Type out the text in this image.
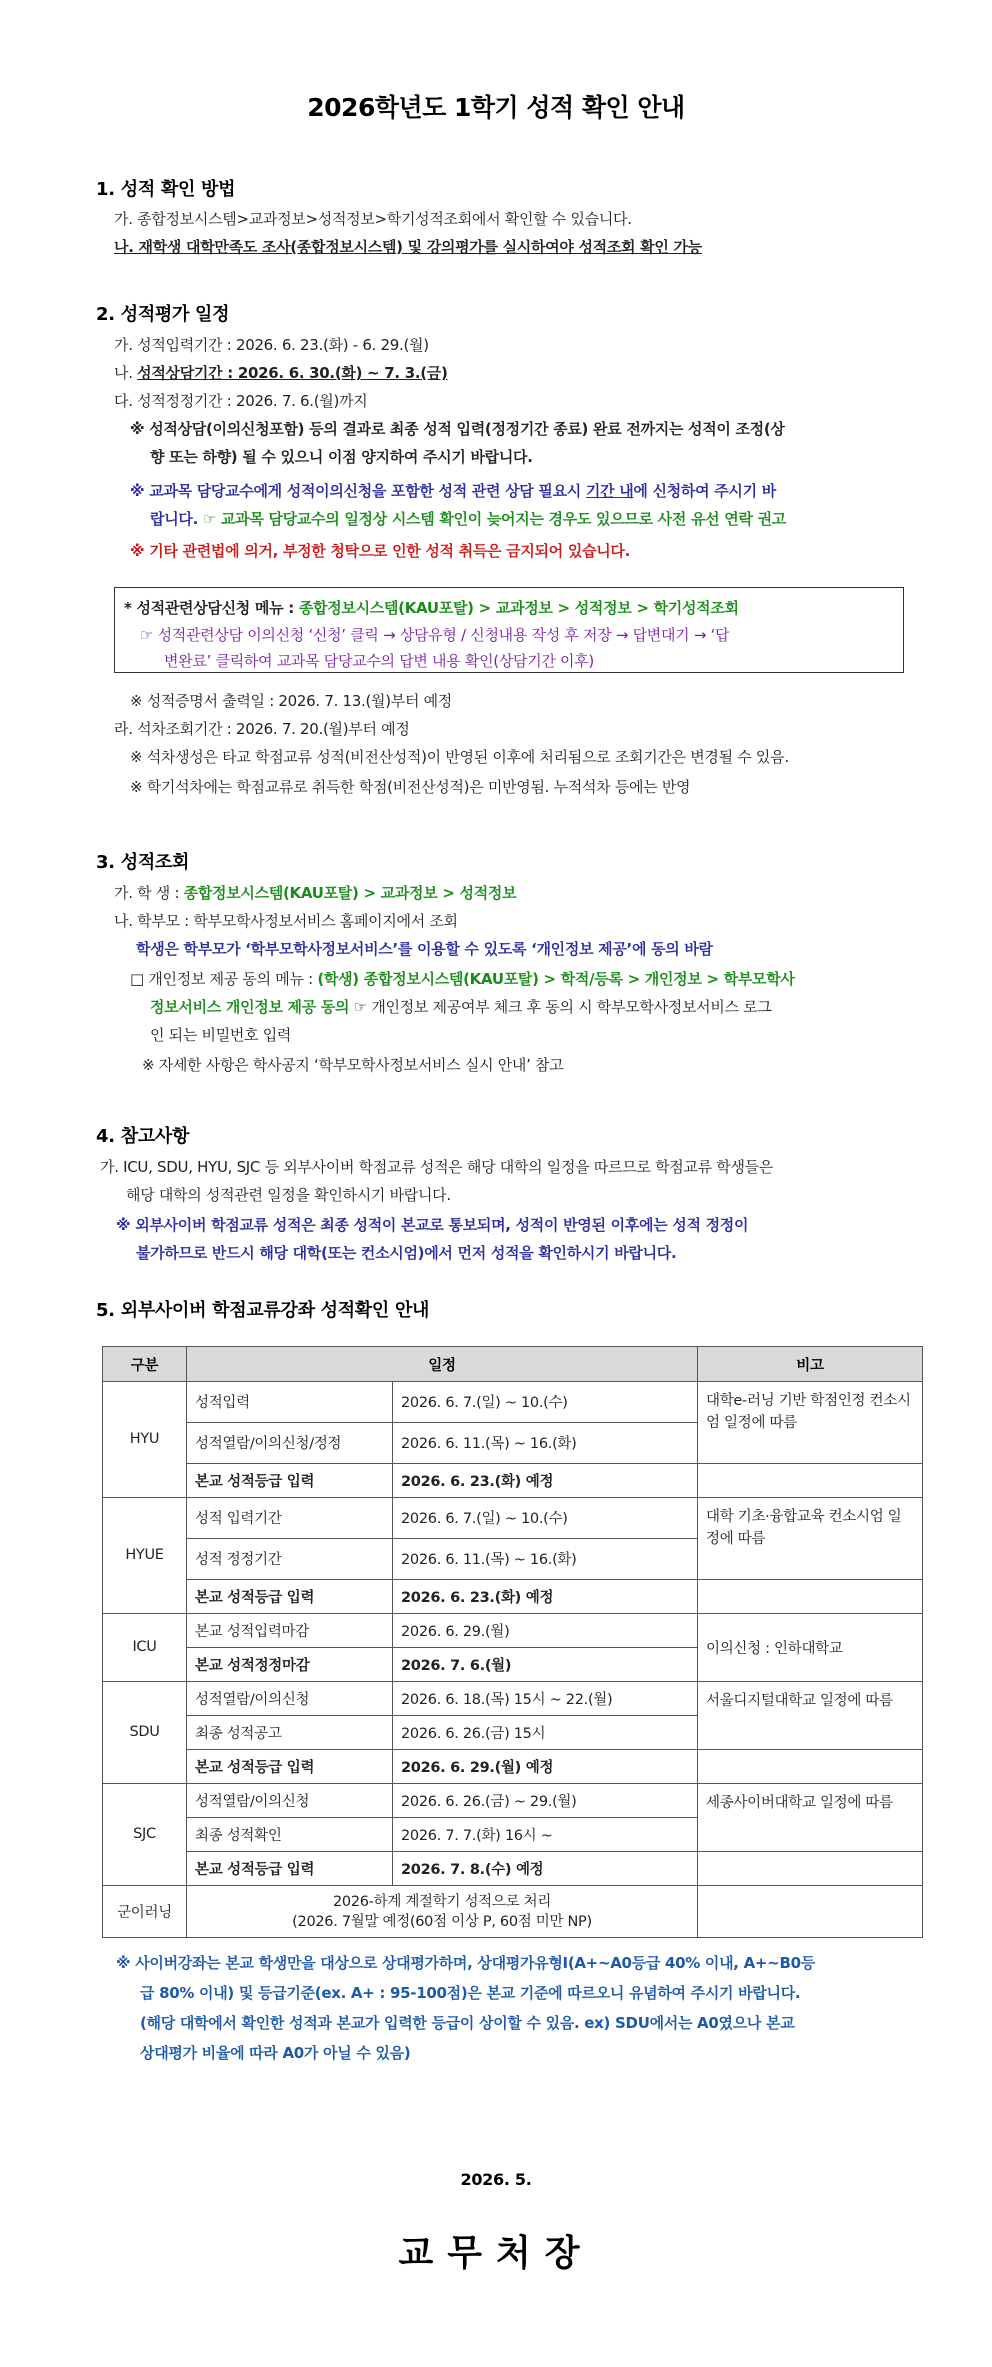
2026학년도 1학기 성적 확인 안내
1. 성적 확인 방법
가. 종합정보시스템>교과정보>성적정보>학기성적조회에서 확인할 수 있습니다.
나. 재학생 대학만족도 조사(종합정보시스템) 및 강의평가를 실시하여야 성적조회 확인 가능
2. 성적평가 일정
가. 성적입력기간 : 2026. 6. 23.(화) - 6. 29.(월)
나. 성적상담기간 : 2026. 6. 30.(화) ~ 7. 3.(금)
다. 성적정정기간 : 2026. 7. 6.(월)까지
※ 성적상담(이의신청포함) 등의 결과로 최종 성적 입력(정정기간 종료) 완료 전까지는 성적이 조정(상
향 또는 하향) 될 수 있으니 이점 양지하여 주시기 바랍니다.
※ 교과목 담당교수에게 성적이의신청을 포함한 성적 관련 상담 필요시 기간 내에 신청하여 주시기 바
랍니다. ☞ 교과목 담당교수의 일정상 시스템 확인이 늦어지는 경우도 있으므로 사전 유선 연락 권고
※ 기타 관련법에 의거, 부정한 청탁으로 인한 성적 취득은 금지되어 있습니다.
* 성적관련상담신청 메뉴 : 종합정보시스템(KAU포탈) > 교과정보 > 성적정보 > 학기성적조회
☞ 성적관련상담 이의신청 ‘신청’ 클릭 → 상담유형 / 신청내용 작성 후 저장 → 답변대기 → ‘답
변완료’ 클릭하여 교과목 담당교수의 답변 내용 확인(상담기간 이후)
※ 성적증명서 출력일 : 2026. 7. 13.(월)부터 예정
라. 석차조회기간 : 2026. 7. 20.(월)부터 예정
※ 석차생성은 타교 학점교류 성적(비전산성적)이 반영된 이후에 처리됨으로 조회기간은 변경될 수 있음.
※ 학기석차에는 학점교류로 취득한 학점(비전산성적)은 미반영됨. 누적석차 등에는 반영
3. 성적조회
가. 학 생 : 종합정보시스템(KAU포탈) > 교과정보 > 성적정보
나. 학부모 : 학부모학사정보서비스 홈페이지에서 조회
학생은 학부모가 ‘학부모학사정보서비스’를 이용할 수 있도록 ‘개인정보 제공’에 동의 바람
□ 개인정보 제공 동의 메뉴 : (학생) 종합정보시스템(KAU포탈) > 학적/등록 > 개인정보 > 학부모학사
정보서비스 개인정보 제공 동의 ☞ 개인정보 제공여부 체크 후 동의 시 학부모학사정보서비스 로그
인 되는 비밀번호 입력
※ 자세한 사항은 학사공지 ‘학부모학사정보서비스 실시 안내’ 참고
4. 참고사항
가. ICU, SDU, HYU, SJC 등 외부사이버 학점교류 성적은 해당 대학의 일정을 따르므로 학점교류 학생들은
해당 대학의 성적관련 일정을 확인하시기 바랍니다.
※ 외부사이버 학점교류 성적은 최종 성적이 본교로 통보되며, 성적이 반영된 이후에는 성적 정정이
불가하므로 반드시 해당 대학(또는 컨소시엄)에서 먼저 성적을 확인하시기 바랍니다.
5. 외부사이버 학점교류강좌 성적확인 안내
구분	일정		비고
HYU	성적입력	2026. 6. 7.(일) ~ 10.(수)	대학e-러닝 기반 학점인정 컨소시엄 일정에 따름
	성적열람/이의신청/정정	2026. 6. 11.(목) ~ 16.(화)	
	본교 성적등급 입력	2026. 6. 23.(화) 예정	
HYUE	성적 입력기간	2026. 6. 7.(일) ~ 10.(수)	대학 기초·융합교육 컨소시엄 일정에 따름
	성적 정정기간	2026. 6. 11.(목) ~ 16.(화)	
	본교 성적등급 입력	2026. 6. 23.(화) 예정	
ICU	본교 성적입력마감	2026. 6. 29.(월)	이의신청 : 인하대학교
	본교 성적정정마감	2026. 7. 6.(월)	
SDU	성적열람/이의신청	2026. 6. 18.(목) 15시 ~ 22.(월)	서울디지털대학교 일정에 따름
	최종 성적공고	2026. 6. 26.(금) 15시	
	본교 성적등급 입력	2026. 6. 29.(월) 예정	
SJC	성적열람/이의신청	2026. 6. 26.(금) ~ 29.(월)	세종사이버대학교 일정에 따름
	최종 성적확인	2026. 7. 7.(화) 16시 ~	
	본교 성적등급 입력	2026. 7. 8.(수) 예정	
군이러닝	2026-하계 계절학기 성적으로 처리
(2026. 7월말 예정(60점 이상 P, 60점 미만 NP)		

※ 사이버강좌는 본교 학생만을 대상으로 상대평가하며, 상대평가유형Ⅰ(A+~A0등급 40% 이내, A+~B0등
급 80% 이내) 및 등급기준(ex. A+ : 95-100점)은 본교 기준에 따르오니 유념하여 주시기 바랍니다.
(해당 대학에서 확인한 성적과 본교가 입력한 등급이 상이할 수 있음. ex) SDU에서는 A0였으나 본교
상대평가 비율에 따라 A0가 아닐 수 있음)
2026. 5.
교무처장
